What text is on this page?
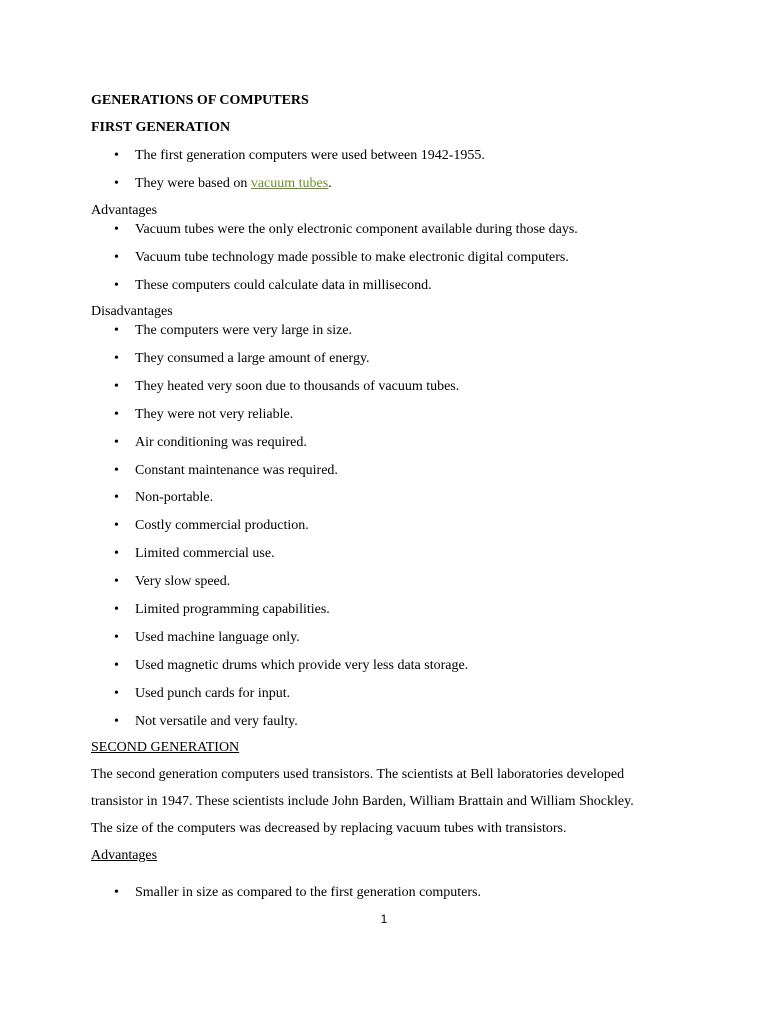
GENERATIONS OF COMPUTERS
FIRST GENERATION
• The first generation computers were used between 1942-1955.
• They were based on vacuum tubes.
Advantages
• Vacuum tubes were the only electronic component available during those days.
• Vacuum tube technology made possible to make electronic digital computers.
• These computers could calculate data in millisecond.
Disadvantages
• The computers were very large in size.
• They consumed a large amount of energy.
• They heated very soon due to thousands of vacuum tubes.
• They were not very reliable.
• Air conditioning was required.
• Constant maintenance was required.
• Non-portable.
• Costly commercial production.
• Limited commercial use.
• Very slow speed.
• Limited programming capabilities.
• Used machine language only.
• Used magnetic drums which provide very less data storage.
• Used punch cards for input.
• Not versatile and very faulty.
SECOND GENERATION
The second generation computers used transistors. The scientists at Bell laboratories developed
transistor in 1947. These scientists include John Barden, William Brattain and William Shockley.
The size of the computers was decreased by replacing vacuum tubes with transistors.
Advantages
• Smaller in size as compared to the first generation computers.
1
